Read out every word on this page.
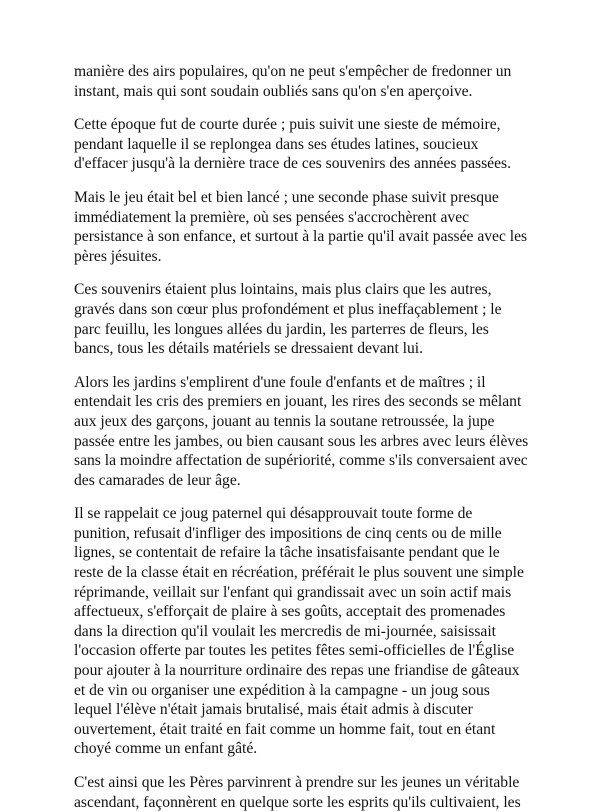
manière des airs populaires, qu'on ne peut s'empêcher de fredonner un instant, mais qui sont soudain oubliés sans qu'on s'en aperçoive.

Cette époque fut de courte durée ; puis suivit une sieste de mémoire, pendant laquelle il se replongea dans ses études latines, soucieux d'effacer jusqu'à la dernière trace de ces souvenirs des années passées.

Mais le jeu était bel et bien lancé ; une seconde phase suivit presque immédiatement la première, où ses pensées s'accrochèrent avec persistance à son enfance, et surtout à la partie qu'il avait passée avec les pères jésuites.

Ces souvenirs étaient plus lointains, mais plus clairs que les autres, gravés dans son cœur plus profondément et plus ineffaçablement ; le parc feuillu, les longues allées du jardin, les parterres de fleurs, les bancs, tous les détails matériels se dressaient devant lui.

Alors les jardins s'emplirent d'une foule d'enfants et de maîtres ; il entendait les cris des premiers en jouant, les rires des seconds se mêlant aux jeux des garçons, jouant au tennis la soutane retroussée, la jupe passée entre les jambes, ou bien causant sous les arbres avec leurs élèves sans la moindre affectation de supériorité, comme s'ils conversaient avec des camarades de leur âge.

Il se rappelait ce joug paternel qui désapprouvait toute forme de punition, refusait d'infliger des impositions de cinq cents ou de mille lignes, se contentait de refaire la tâche insatisfaisante pendant que le reste de la classe était en récréation, préférait le plus souvent une simple réprimande, veillait sur l'enfant qui grandissait avec un soin actif mais affectueux, s'efforçait de plaire à ses goûts, acceptait des promenades dans la direction qu'il voulait les mercredis de mi-journée, saisissait l'occasion offerte par toutes les petites fêtes semi-officielles de l'Église pour ajouter à la nourriture ordinaire des repas une friandise de gâteaux et de vin ou organiser une expédition à la campagne - un joug sous lequel l'élève n'était jamais brutalisé, mais était admis à discuter ouvertement, était traité en fait comme un homme fait, tout en étant choyé comme un enfant gâté.

C'est ainsi que les Pères parvinrent à prendre sur les jeunes un véritable ascendant, façonnèrent en quelque sorte les esprits qu'ils cultivaient, les
